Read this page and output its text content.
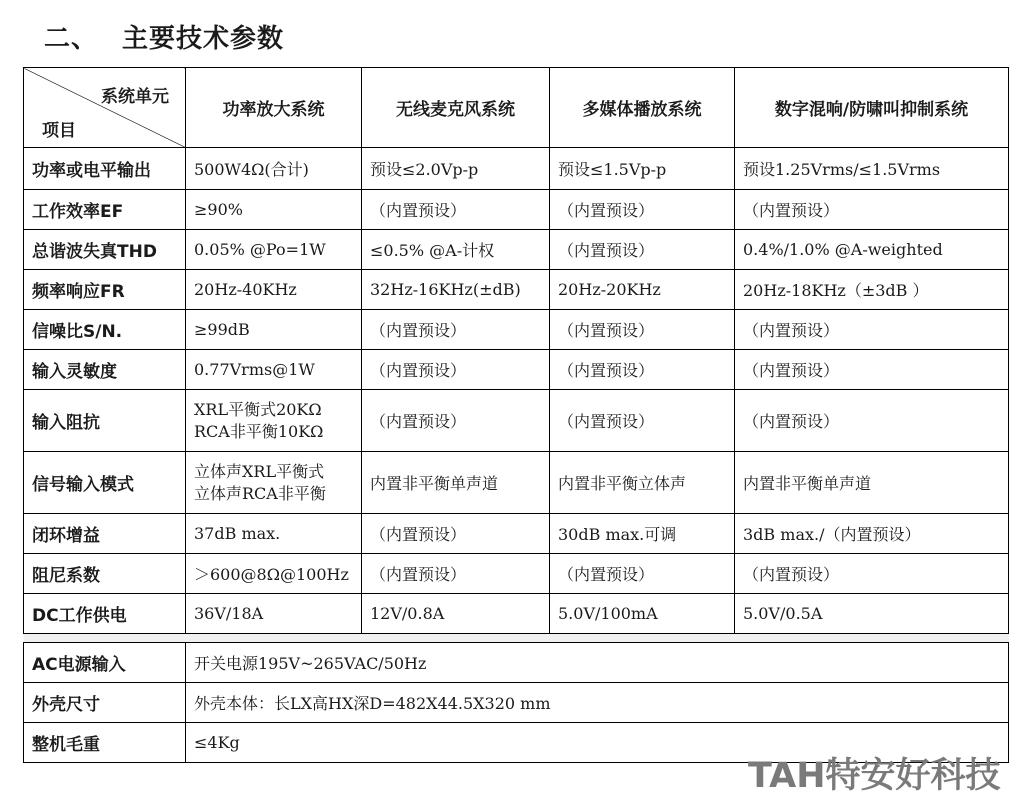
二、 主要技术参数
系统单元
项目	功率放大系统	无线麦克风系统	多媒体播放系统	数字混响/防啸叫抑制系统
功率或电平输出	500W4Ω(合计)	预设≤2.0Vp-p	预设≤1.5Vp-p	预设1.25Vrms/≤1.5Vrms
工作效率EF	≥90%	（内置预设）	（内置预设）	（内置预设）
总谐波失真THD	0.05% @Po=1W	≤0.5% @A-计权	（内置预设）	0.4%/1.0% @A-weighted
频率响应FR	20Hz-40KHz	32Hz-16KHz(±dB)	20Hz-20KHz	20Hz-18KHz（±3dB ）
信噪比S/N.	≥99dB	（内置预设）	（内置预设）	（内置预设）
输入灵敏度	0.77Vrms@1W	（内置预设）	（内置预设）	（内置预设）
输入阻抗	XRL平衡式20KΩ
RCA非平衡10KΩ	（内置预设）	（内置预设）	（内置预设）
信号输入模式	立体声XRL平衡式
立体声RCA非平衡	内置非平衡单声道	内置非平衡立体声	内置非平衡单声道
闭环增益	37dB max.	（内置预设）	30dB max.可调	3dB max./（内置预设）
阻尼系数	＞600@8Ω@100Hz	（内置预设）	（内置预设）	（内置预设）
DC工作供电	36V/18A	12V/0.8A	5.0V/100mA	5.0V/0.5A

AC电源输入	开关电源195V~265VAC/50Hz			
外壳尺寸	外壳本体：长LX高HX深D=482X44.5X320 mm			
整机毛重	≤4Kg			
TAH特安好科技
